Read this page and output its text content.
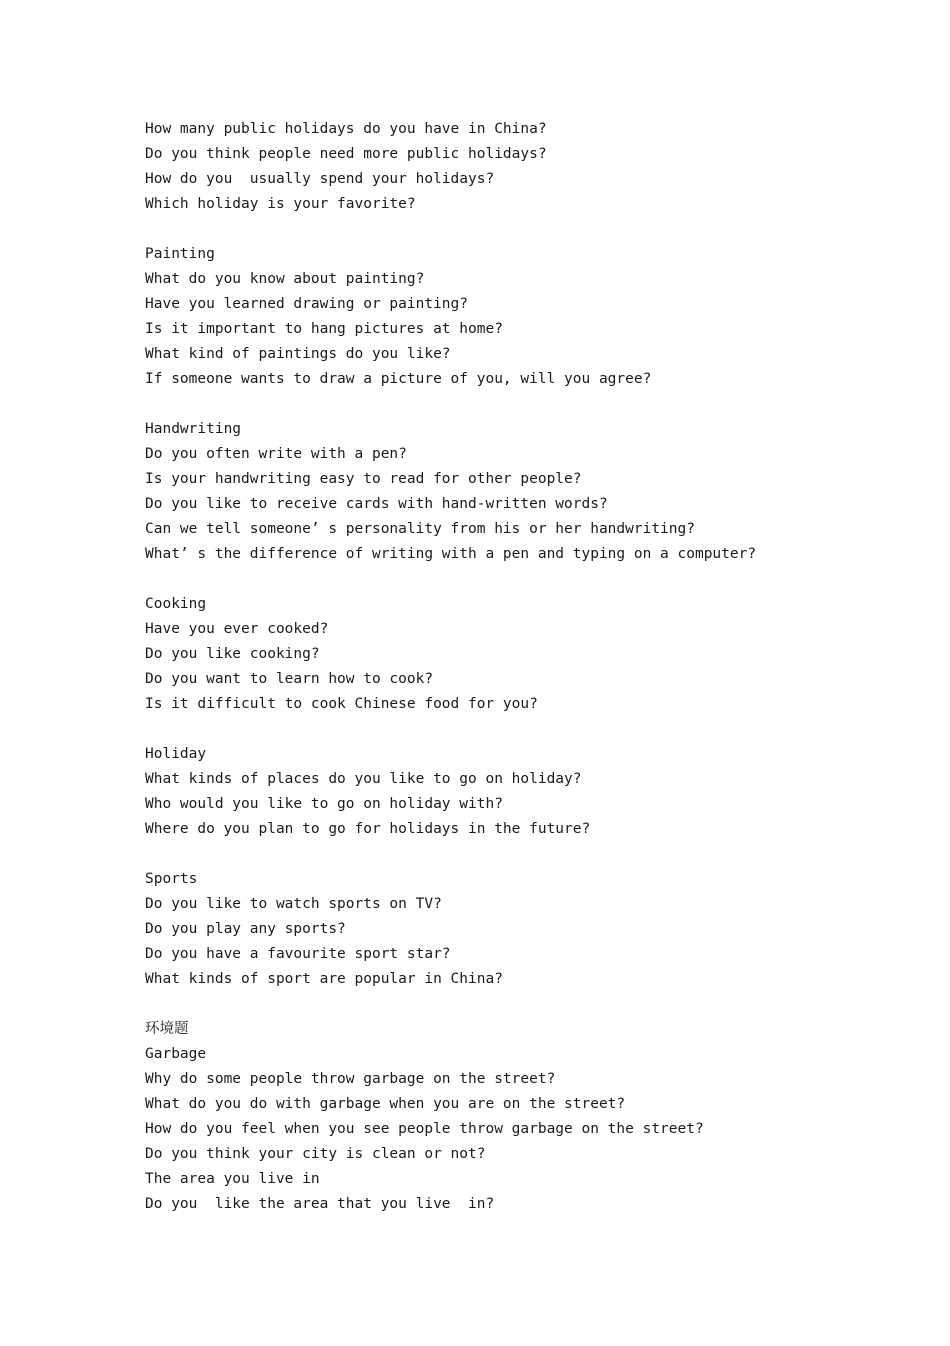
How many public holidays do you have in China?
Do you think people need more public holidays?
How do you  usually spend your holidays?
Which holiday is your favorite?
Painting
What do you know about painting?
Have you learned drawing or painting?
Is it important to hang pictures at home?
What kind of paintings do you like?
If someone wants to draw a picture of you, will you agree?
Handwriting
Do you often write with a pen?
Is your handwriting easy to read for other people?
Do you like to receive cards with hand-written words?
Can we tell someone’ s personality from his or her handwriting?
What’ s the difference of writing with a pen and typing on a computer?
Cooking
Have you ever cooked?
Do you like cooking?
Do you want to learn how to cook?
Is it difficult to cook Chinese food for you?
Holiday
What kinds of places do you like to go on holiday?
Who would you like to go on holiday with?
Where do you plan to go for holidays in the future?
Sports
Do you like to watch sports on TV?
Do you play any sports?
Do you have a favourite sport star?
What kinds of sport are popular in China?
环境题
Garbage
Why do some people throw garbage on the street?
What do you do with garbage when you are on the street?
How do you feel when you see people throw garbage on the street?
Do you think your city is clean or not?
The area you live in
Do you  like the area that you live  in?
